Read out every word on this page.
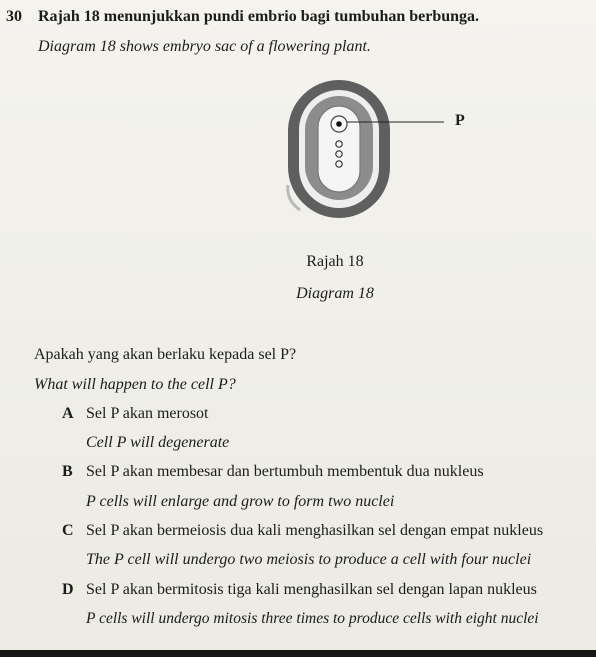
30 Rajah 18 menunjukkan pundi embrio bagi tumbuhan berbunga.
Diagram 18 shows embryo sac of a flowering plant.
P
Rajah 18
Diagram 18
Apakah yang akan berlaku kepada sel P?
What will happen to the cell P?
A Sel P akan merosot
Cell P will degenerate
B Sel P akan membesar dan bertumbuh membentuk dua nukleus
P cells will enlarge and grow to form two nuclei
C Sel P akan bermeiosis dua kali menghasilkan sel dengan empat nukleus
The P cell will undergo two meiosis to produce a cell with four nuclei
D Sel P akan bermitosis tiga kali menghasilkan sel dengan lapan nukleus
P cells will undergo mitosis three times to produce cells with eight nuclei
